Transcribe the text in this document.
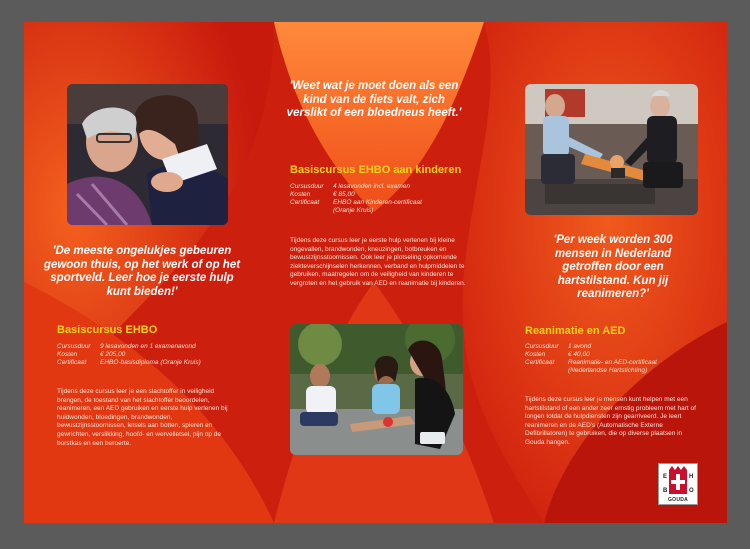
'De meeste ongelukjes gebeuren gewoon thuis, op het werk of op het sportveld. Leer hoe je eerste hulp kunt bieden!'
Basiscursus EHBO
Cursusduur	9 lesavonden en 1 examenavond
Kosten	€ 205,00
Certificaat	EHBO-basisdiploma (Oranje Kruis)
Tijdens deze cursus leer je een slachtoffer in veiligheid brengen, de toestand van het slachtoffer beoordelen, reanimeren, een AED gebruiken en eerste hulp verlenen bij huidwonden, bloedingen, brandwonden, bewustzijnsstoornissen, letsels aan botten, spieren en gewrichten, verslikking, hoofd- en wervelletsel, pijn op de borstkas en een beroerte.
'Weet wat je moet doen als een kind van de fiets valt, zich verslikt of een bloedneus heeft.'
Basiscursus EHBO aan kinderen
Cursusduur	4 lesavonden incl. examen
Kosten	€ 85,00
Certificaat	EHBO aan Kinderen-certificaat (Oranje Kruis)
Tijdens deze cursus leer je eerste hulp verlenen bij kleine ongevallen, brandwonden, kneuzingen, botbreuken en bewustzijnsstoornissen. Ook leer je plotseling opkomende ziekteverschijnselen herkennen, verband en hulpmiddelen te gebruiken, maatregelen om de veiligheid van kinderen te vergroten en het gebruik van AED en reanimatie bij kinderen.
'Per week worden 300 mensen in Nederland getroffen door een hartstilstand. Kun jij reanimeren?'
Reanimatie en AED
Cursusduur	1 avond
Kosten	€ 40,00
Certificaat	Reanimatie- en AED-certificaat (Nederlandse Hartstichting)
Tijdens deze cursus leer je mensen kunt helpen met een hartstilstand of een ander zeer ernstig probleem met hart of longen totdat de hulpdiensten zijn gearriveerd. Je leert reanimeren en de AED's (Automatische Externe Defibrillatoren) te gebruiken, die op diverse plaatsen in Gouda hangen.
E	H
B	O
GOUDA
